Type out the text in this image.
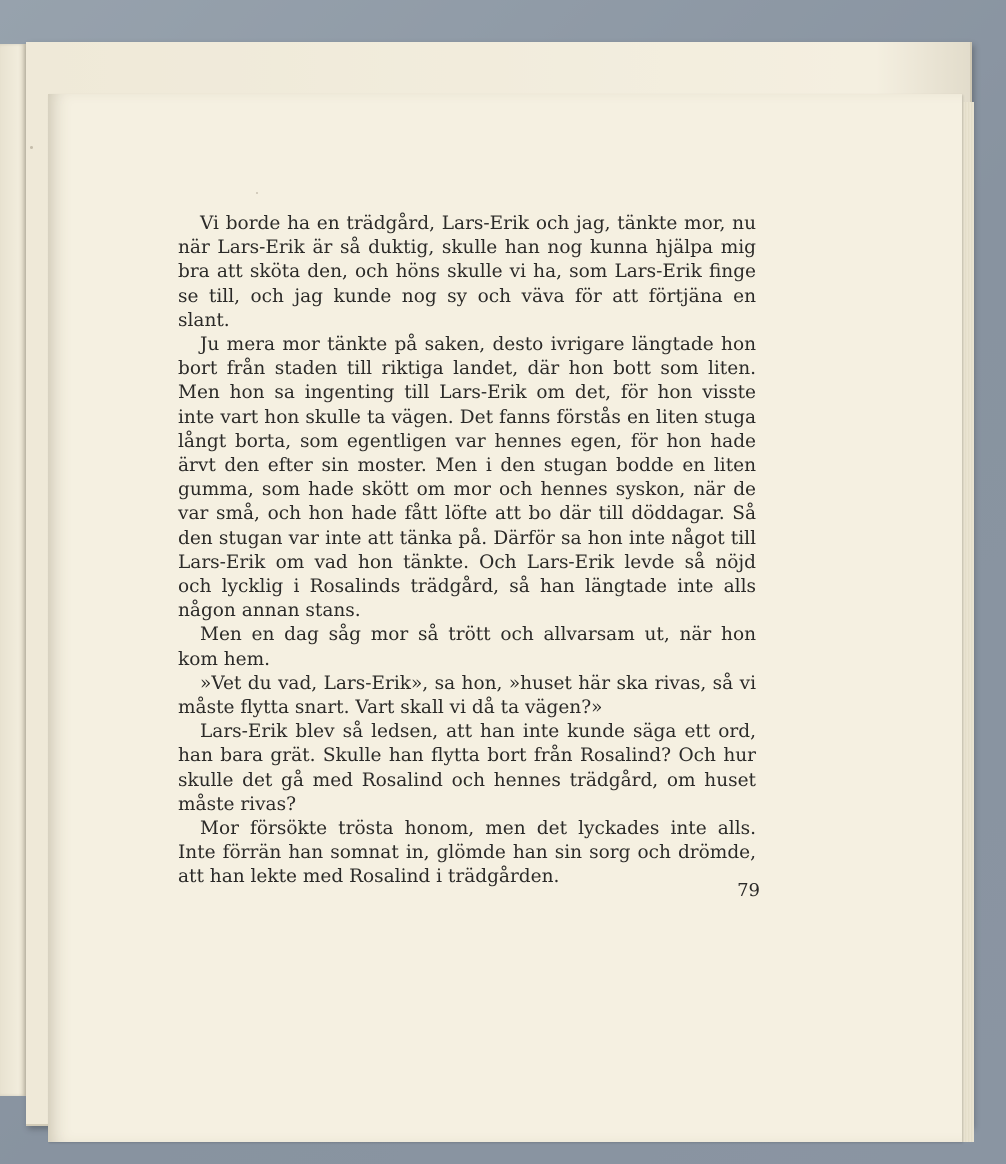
Vi borde ha en trädgård, Lars-Erik och jag, tänkte mor, nu när Lars-Erik är så duktig, skulle han nog kunna hjälpa mig bra att sköta den, och höns skulle vi ha, som Lars-Erik finge se till, och jag kunde nog sy och väva för att förtjäna en slant.

Ju mera mor tänkte på saken, desto ivrigare längtade hon bort från staden till riktiga landet, där hon bott som liten. Men hon sa ingenting till Lars-Erik om det, för hon visste inte vart hon skulle ta vägen. Det fanns förstås en liten stuga långt borta, som egentligen var hennes egen, för hon hade ärvt den efter sin moster. Men i den stugan bodde en liten gumma, som hade skött om mor och hennes syskon, när de var små, och hon hade fått löfte att bo där till döddagar. Så den stugan var inte att tänka på. Därför sa hon inte något till Lars-Erik om vad hon tänkte. Och Lars-Erik levde så nöjd och lycklig i Rosalinds trädgård, så han längtade inte alls någon annan stans.

Men en dag såg mor så trött och allvarsam ut, när hon kom hem.

»Vet du vad, Lars-Erik», sa hon, »huset här ska rivas, så vi måste flytta snart. Vart skall vi då ta vägen?»

Lars-Erik blev så ledsen, att han inte kunde säga ett ord, han bara grät. Skulle han flytta bort från Rosalind? Och hur skulle det gå med Rosalind och hennes trädgård, om huset måste rivas?

Mor försökte trösta honom, men det lyckades inte alls. Inte förrän han somnat in, glömde han sin sorg och drömde, att han lekte med Rosalind i trädgården.

79
